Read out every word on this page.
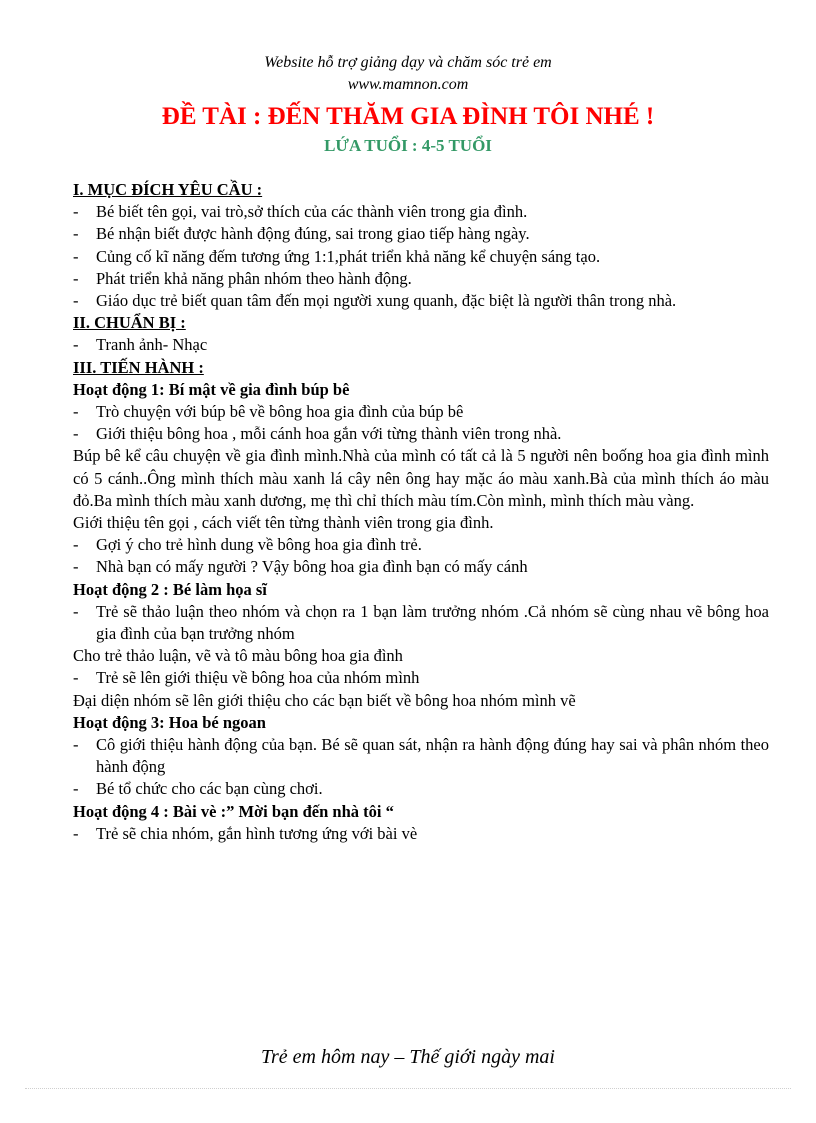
Website hỗ trợ giảng dạy và chăm sóc trẻ em
www.mamnon.com
ĐỀ TÀI : ĐẾN THĂM GIA ĐÌNH TÔI NHÉ !
LỨA TUỔI : 4-5 TUỔI
I. MỤC ĐÍCH YÊU CẦU :
- Bé biết tên gọi, vai trò,sở thích của các thành viên trong gia đình.
- Bé nhận biết được hành động đúng, sai trong giao tiếp hàng ngày.
- Củng cố kĩ năng đếm tương ứng 1:1,phát triển khả năng kể chuyện sáng tạo.
- Phát triển khả năng phân nhóm theo hành động.
- Giáo dục trẻ biết quan tâm đến mọi người xung quanh, đặc biệt là người thân trong nhà.
II. CHUẨN BỊ :
- Tranh ảnh- Nhạc
III. TIẾN HÀNH :
Hoạt động 1: Bí mật về gia đình búp bê
- Trò chuyện với búp bê về bông hoa gia đình của búp bê
- Giới thiệu bông hoa , mỗi cánh hoa gắn với từng thành viên trong nhà.
Búp bê kể câu chuyện về gia đình mình.Nhà của mình có tất cả là 5 người nên boống hoa gia đình mình có 5 cánh..Ông mình thích màu xanh lá cây nên ông hay mặc áo màu xanh.Bà của mình thích áo màu đỏ.Ba mình thích màu xanh dương, mẹ thì chỉ thích màu tím.Còn mình, mình thích màu vàng.
Giới thiệu tên gọi , cách viết tên từng thành viên trong gia đình.
- Gợi ý cho trẻ hình dung về bông hoa gia đình trẻ.
- Nhà bạn có mấy người ? Vậy bông hoa gia đình bạn có mấy cánh
Hoạt động 2 : Bé làm họa sĩ
- Trẻ sẽ thảo luận theo nhóm và chọn ra 1 bạn làm trưởng nhóm .Cả nhóm sẽ cùng nhau vẽ bông hoa gia đình của bạn trưởng nhóm
Cho trẻ thảo luận, vẽ và tô màu bông hoa gia đình
- Trẻ sẽ lên giới thiệu về bông hoa của nhóm mình
Đại diện nhóm sẽ lên giới thiệu cho các bạn biết về bông hoa nhóm mình vẽ
Hoạt động 3: Hoa bé ngoan
- Cô giới thiệu hành động của bạn. Bé sẽ quan sát, nhận ra hành động đúng hay sai và phân nhóm theo hành động
- Bé tổ chức cho các bạn cùng chơi.
Hoạt động 4 : Bài vè :” Mời bạn đến nhà tôi “
- Trẻ sẽ chia nhóm, gắn hình tương ứng với bài vè
Trẻ em hôm nay – Thế giới ngày mai
